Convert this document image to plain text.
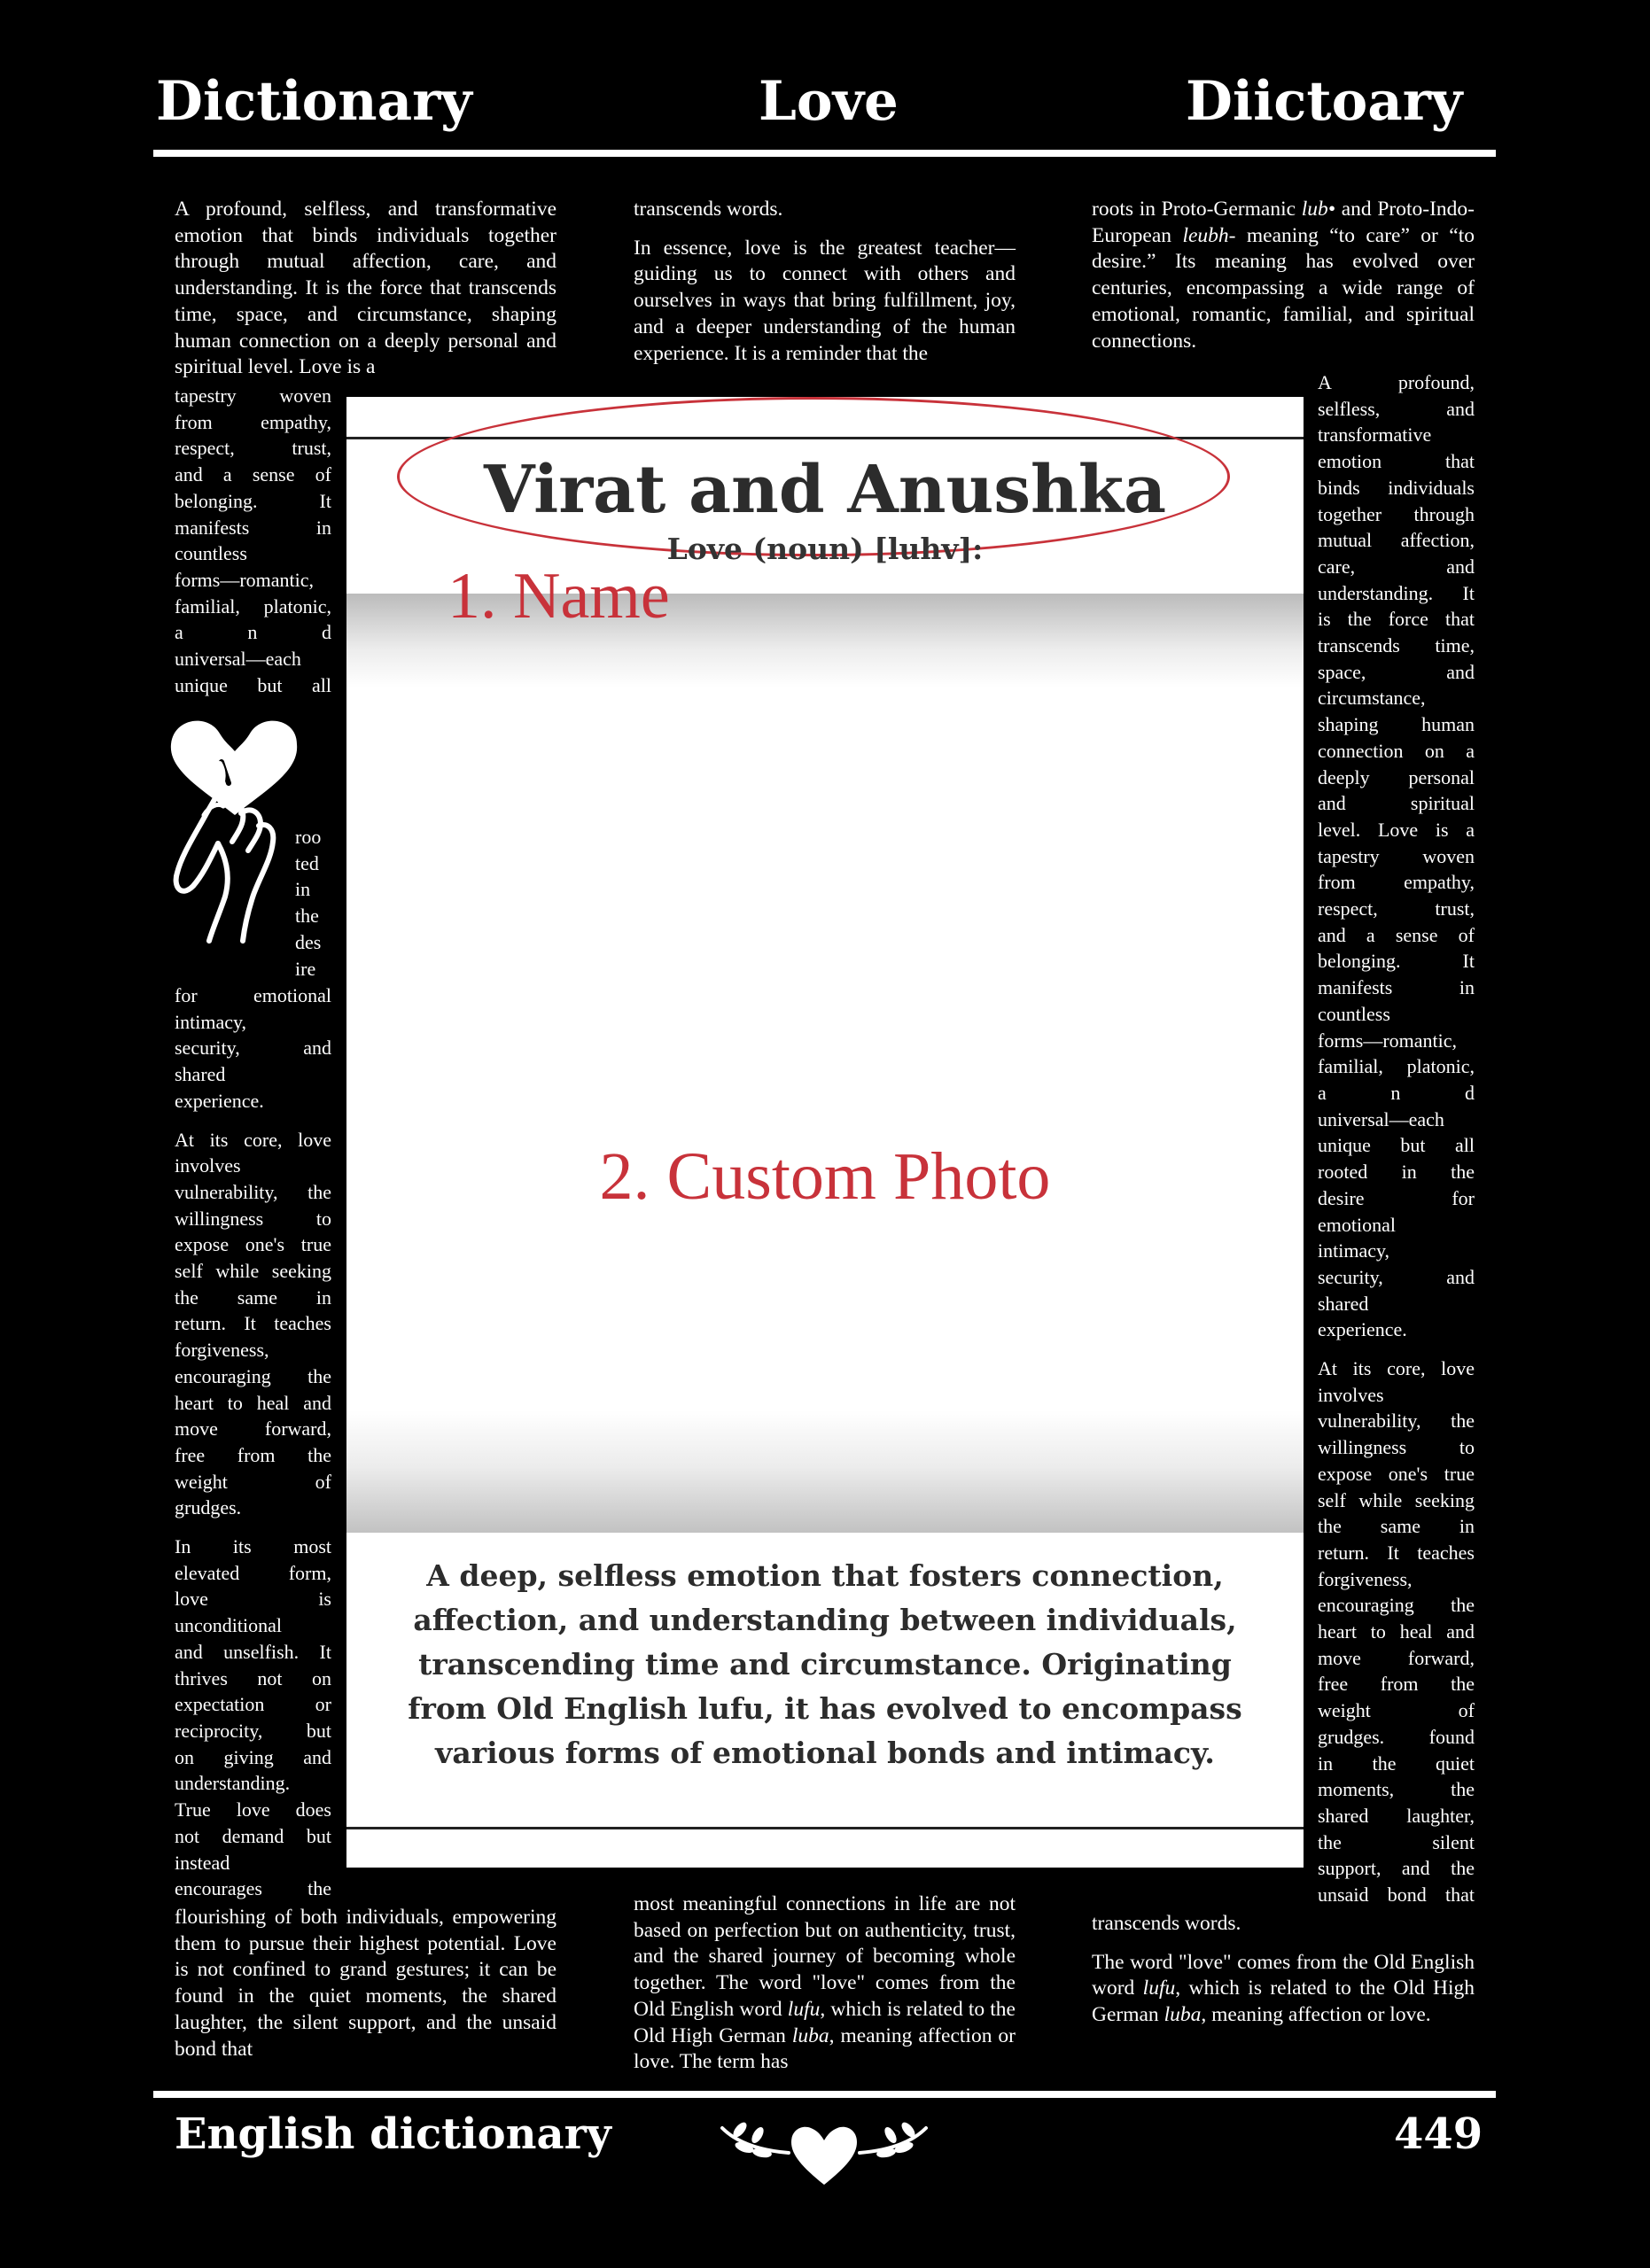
Dictionary	Love	Diictoary

A profound, selfless, and transformative emotion that binds individuals together through mutual affection, care, and understanding. It is the force that transcends time, space, and circumstance, shaping human connection on a deeply personal and spiritual level. Love is a

tapestry woven
from empathy,
respect, trust,
and a sense of
belonging. It
manifests in
countless
forms—romantic,
familial, platonic,
a n d
universal—each
unique but all
roo
ted
in
the
des
ire
for emotional
intimacy,
security, and
shared
experience.
At its core, love
involves
vulnerability, the
willingness to
expose one's true
self while seeking
the same in
return. It teaches
forgiveness,
encouraging the
heart to heal and
move forward,
free from the
weight of
grudges.
In its most
elevated form,
love is
unconditional
and unselfish. It
thrives not on
expectation or
reciprocity, but
on giving and
understanding.
True love does
not demand but
instead
encourages the

flourishing of both individuals, empowering them to pursue their highest potential. Love is not confined to grand gestures; it can be found in the quiet moments, the shared laughter, the silent support, and the unsaid bond that

transcends words.

In essence, love is the greatest teacher—guiding us to connect with others and ourselves in ways that bring fulfillment, joy, and a deeper understanding of the human experience. It is a reminder that the

most meaningful connections in life are not based on perfection but on authenticity, trust, and the shared journey of becoming whole together. The word "love" comes from the Old English word lufu, which is related to the Old High German luba, meaning affection or love. The term has

roots in Proto-Germanic lub• and Proto-Indo-European leubh- meaning “to care” or “to desire.” Its meaning has evolved over centuries, encompassing a wide range of emotional, romantic, familial, and spiritual connections.

A profound,
selfless, and
transformative
emotion that
binds individuals
together through
mutual affection,
care, and
understanding. It
is the force that
transcends time,
space, and
circumstance,
shaping human
connection on a
deeply personal
and spiritual
level. Love is a
tapestry woven
from empathy,
respect, trust,
and a sense of
belonging. It
manifests in
countless
forms—romantic,
familial, platonic,
a n d
universal—each
unique but all
rooted in the
desire for
emotional
intimacy,
security, and
shared
experience.
At its core, love
involves
vulnerability, the
willingness to
expose one's true
self while seeking
the same in
return. It teaches
forgiveness,
encouraging the
heart to heal and
move forward,
free from the
weight of
grudges. found
in the quiet
moments, the
shared laughter,
the silent
support, and the
unsaid bond that

transcends words.

The word "love" comes from the Old English word lufu, which is related to the Old High German luba, meaning affection or love.

Virat and Anushka
Love (noun) [luhv]:
1. Name
2. Custom Photo
A deep, selfless emotion that fosters connection, affection, and understanding between individuals, transcending time and circumstance. Originating from Old English lufu, it has evolved to encompass various forms of emotional bonds and intimacy.
English dictionary	449
